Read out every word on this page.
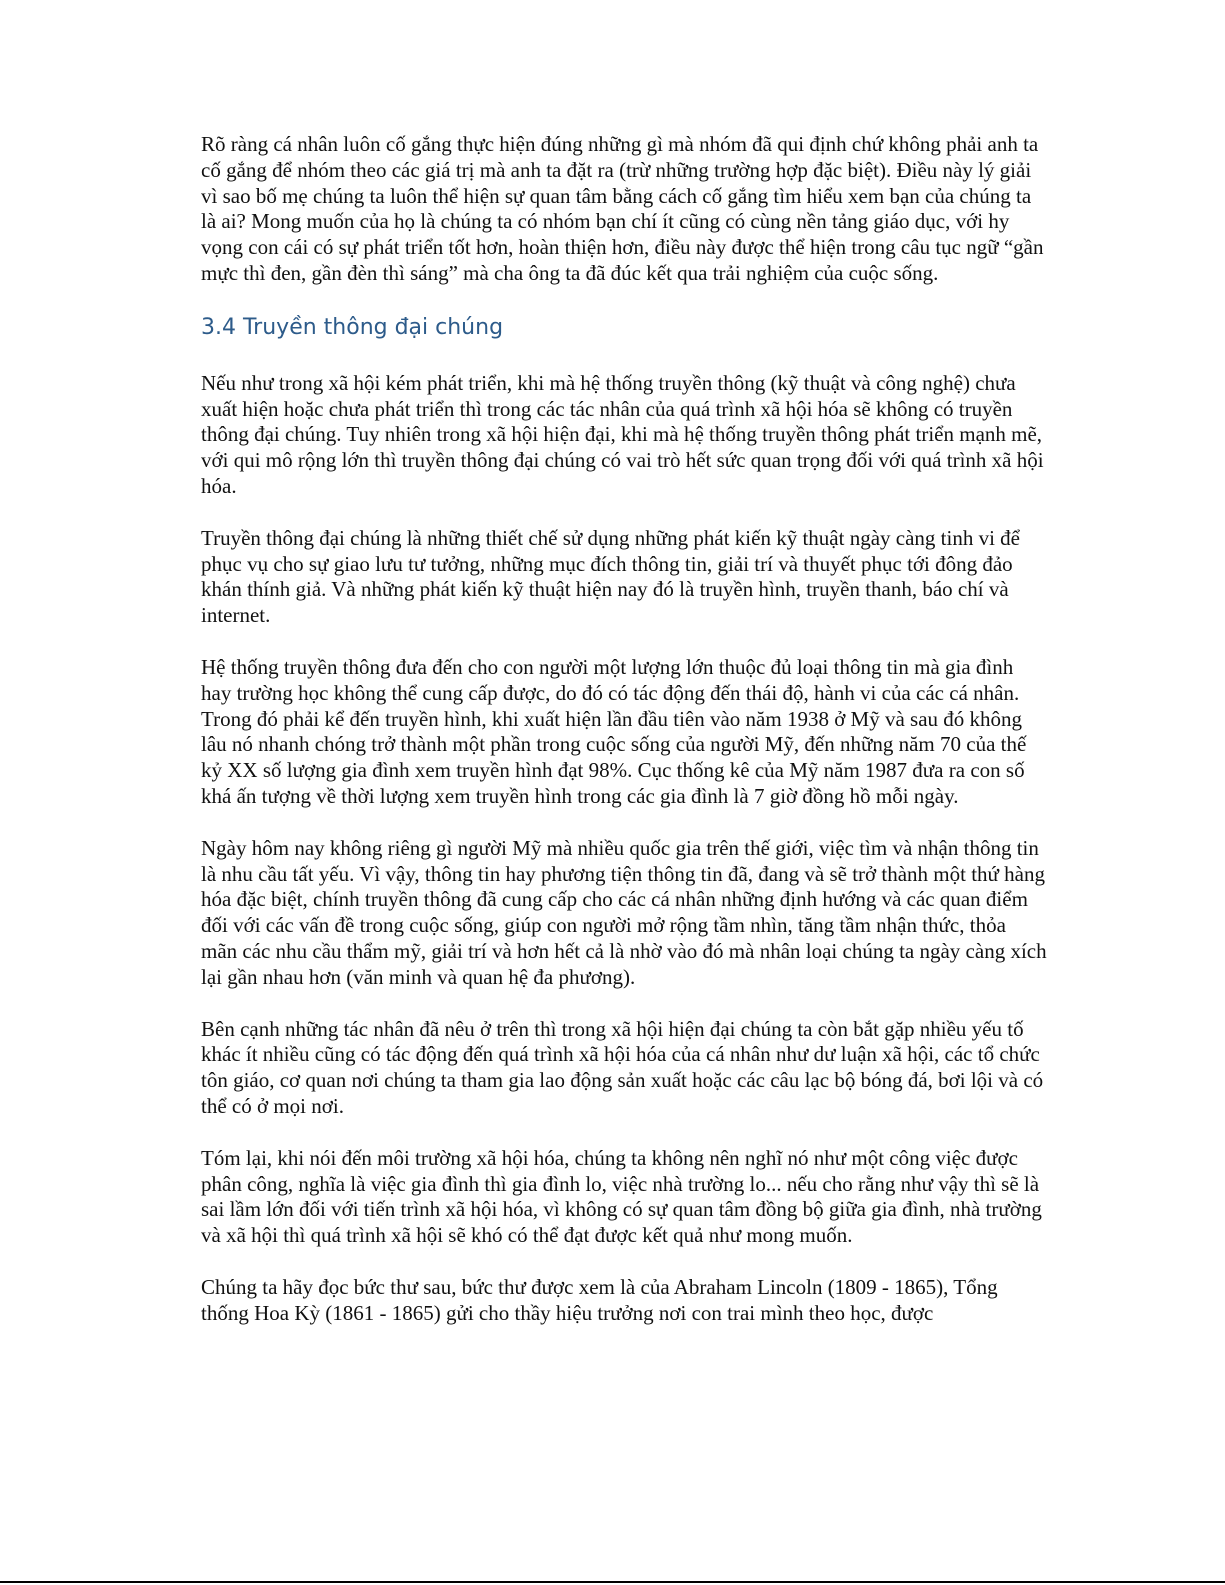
Rõ ràng cá nhân luôn cố gắng thực hiện đúng những gì mà nhóm đã qui định chứ không phải anh ta cố gắng để nhóm theo các giá trị mà anh ta đặt ra (trừ những trường hợp đặc biệt). Điều này lý giải vì sao bố mẹ chúng ta luôn thể hiện sự quan tâm bằng cách cố gắng tìm hiểu xem bạn của chúng ta là ai? Mong muốn của họ là chúng ta có nhóm bạn chí ít cũng có cùng nền tảng giáo dục, với hy vọng con cái có sự phát triển tốt hơn, hoàn thiện hơn, điều này được thể hiện trong câu tục ngữ “gần mực thì đen, gần đèn thì sáng” mà cha ông ta đã đúc kết qua trải nghiệm của cuộc sống.

3.4 Truyền thông đại chúng

Nếu như trong xã hội kém phát triển, khi mà hệ thống truyền thông (kỹ thuật và công nghệ) chưa xuất hiện hoặc chưa phát triển thì trong các tác nhân của quá trình xã hội hóa sẽ không có truyền thông đại chúng. Tuy nhiên trong xã hội hiện đại, khi mà hệ thống truyền thông phát triển mạnh mẽ, với qui mô rộng lớn thì truyền thông đại chúng có vai trò hết sức quan trọng đối với quá trình xã hội hóa.

Truyền thông đại chúng là những thiết chế sử dụng những phát kiến kỹ thuật ngày càng tinh vi để phục vụ cho sự giao lưu tư tưởng, những mục đích thông tin, giải trí và thuyết phục tới đông đảo khán thính giả. Và những phát kiến kỹ thuật hiện nay đó là truyền hình, truyền thanh, báo chí và internet.

Hệ thống truyền thông đưa đến cho con người một lượng lớn thuộc đủ loại thông tin mà gia đình hay trường học không thể cung cấp được, do đó có tác động đến thái độ, hành vi của các cá nhân. Trong đó phải kể đến truyền hình, khi xuất hiện lần đầu tiên vào năm 1938 ở Mỹ và sau đó không lâu nó nhanh chóng trở thành một phần trong cuộc sống của người Mỹ, đến những năm 70 của thế kỷ XX số lượng gia đình xem truyền hình đạt 98%. Cục thống kê của Mỹ năm 1987 đưa ra con số khá ấn tượng về thời lượng xem truyền hình trong các gia đình là 7 giờ đồng hồ mỗi ngày.

Ngày hôm nay không riêng gì người Mỹ mà nhiều quốc gia trên thế giới, việc tìm và nhận thông tin là nhu cầu tất yếu. Vì vậy, thông tin hay phương tiện thông tin đã, đang và sẽ trở thành một thứ hàng hóa đặc biệt, chính truyền thông đã cung cấp cho các cá nhân những định hướng và các quan điểm đối với các vấn đề trong cuộc sống, giúp con người mở rộng tầm nhìn, tăng tầm nhận thức, thỏa mãn các nhu cầu thẩm mỹ, giải trí và hơn hết cả là nhờ vào đó mà nhân loại chúng ta ngày càng xích lại gần nhau hơn (văn minh và quan hệ đa phương).

Bên cạnh những tác nhân đã nêu ở trên thì trong xã hội hiện đại chúng ta còn bắt gặp nhiều yếu tố khác ít nhiều cũng có tác động đến quá trình xã hội hóa của cá nhân như dư luận xã hội, các tổ chức tôn giáo, cơ quan nơi chúng ta tham gia lao động sản xuất hoặc các câu lạc bộ bóng đá, bơi lội và có thể có ở mọi nơi.

Tóm lại, khi nói đến môi trường xã hội hóa, chúng ta không nên nghĩ nó như một công việc được phân công, nghĩa là việc gia đình thì gia đình lo, việc nhà trường lo... nếu cho rằng như vậy thì sẽ là sai lầm lớn đối với tiến trình xã hội hóa, vì không có sự quan tâm đồng bộ giữa gia đình, nhà trường và xã hội thì quá trình xã hội sẽ khó có thể đạt được kết quả như mong muốn.

Chúng ta hãy đọc bức thư sau, bức thư được xem là của Abraham Lincoln (1809 - 1865), Tổng thống Hoa Kỳ (1861 - 1865) gửi cho thầy hiệu trưởng nơi con trai mình theo học, được
